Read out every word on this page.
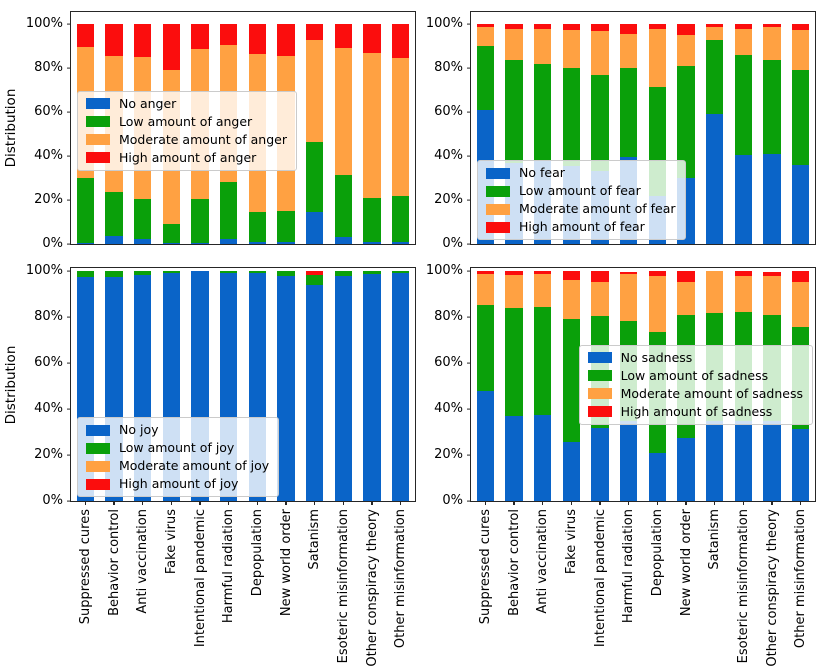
0%
20%
40%
60%
80%
100%
No anger
Low amount of anger
Moderate amount of anger
High amount of anger
Distribution
0%
20%
40%
60%
80%
100%
No fear
Low amount of fear
Moderate amount of fear
High amount of fear
0%
20%
40%
60%
80%
100%
No joy
Low amount of joy
Moderate amount of joy
High amount of joy
Distribution
Suppressed cures Behavior control Anti vaccination Fake virus Intentional pandemic Harmful radiation Depopulation New world order Satanism Esoteric misinformation Other conspiracy theory Other misinformation
0%
20%
40%
60%
80%
100%
No sadness
Low amount of sadness
Moderate amount of sadness
High amount of sadness
Suppressed cures Behavior control Anti vaccination Fake virus Intentional pandemic Harmful radiation Depopulation New world order Satanism Esoteric misinformation Other conspiracy theory Other misinformation
